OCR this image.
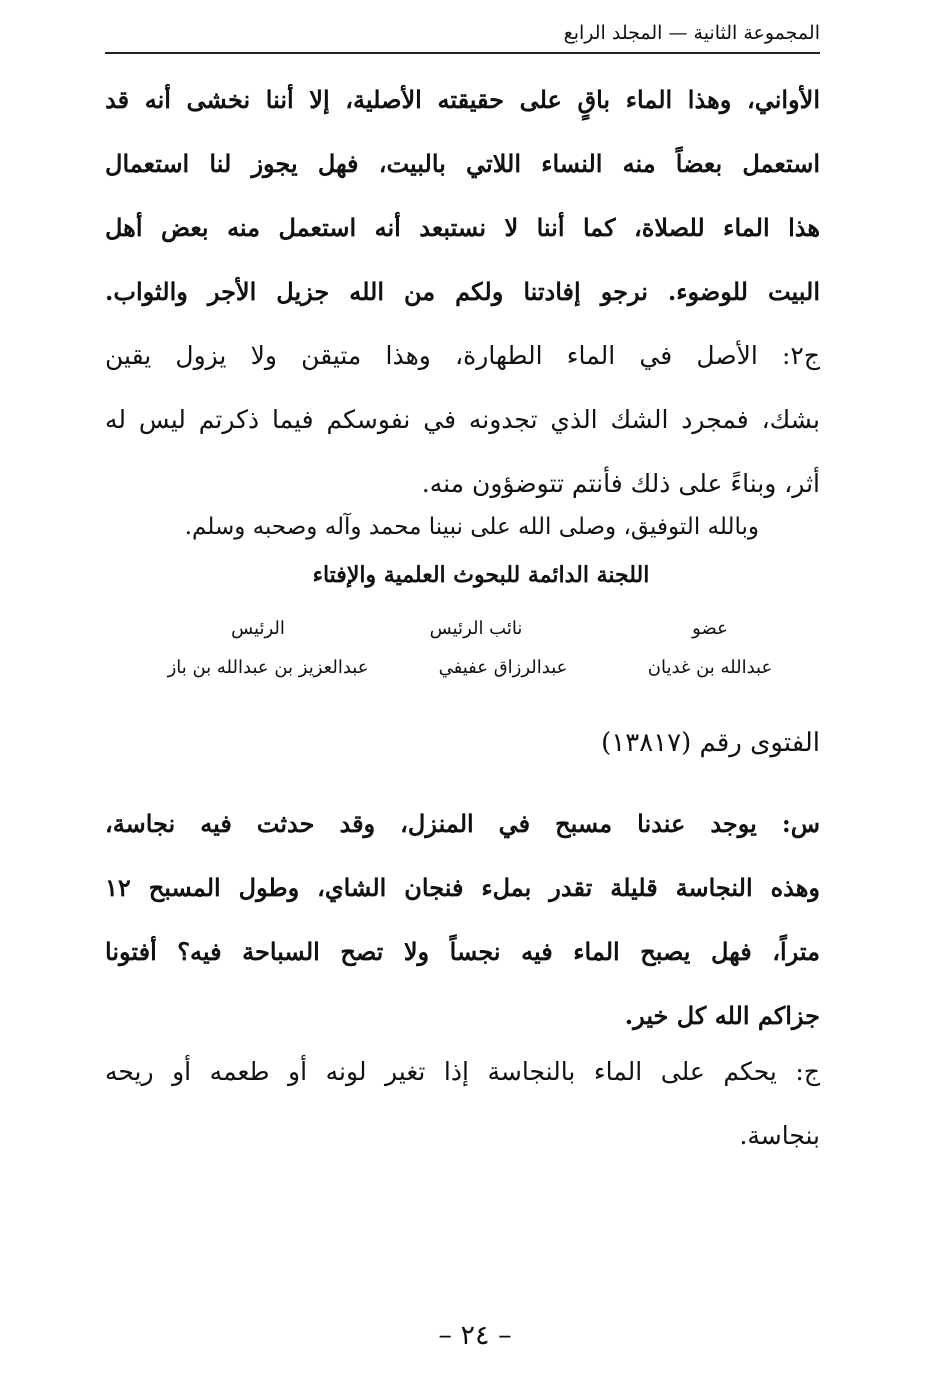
المجموعة الثانية — المجلد الرابع
الأواني، وهذا الماء باقٍ على حقيقته الأصلية، إلا أننا نخشى أنه قد
استعمل بعضاً منه النساء اللاتي بالبيت، فهل يجوز لنا استعمال
هذا الماء للصلاة، كما أننا لا نستبعد أنه استعمل منه بعض أهل
البيت للوضوء. نرجو إفادتنا ولكم من الله جزيل الأجر والثواب.
ج٢: الأصل في الماء الطهارة، وهذا متيقن ولا يزول يقين
بشك، فمجرد الشك الذي تجدونه في نفوسكم فيما ذكرتم ليس له
أثر، وبناءً على ذلك فأنتم تتوضؤون منه.
وبالله التوفيق، وصلى الله على نبينا محمد وآله وصحبه وسلم.
اللجنة الدائمة للبحوث العلمية والإفتاء
الرئيس	نائب الرئيس	عضو
عبدالعزيز بن عبدالله بن باز	عبدالرزاق عفيفي	عبدالله بن غديان
الفتوى رقم (١٣٨١٧)
س: يوجد عندنا مسبح في المنزل، وقد حدثت فيه نجاسة،
وهذه النجاسة قليلة تقدر بملء فنجان الشاي، وطول المسبح ١٢
متراً، فهل يصبح الماء فيه نجساً ولا تصح السباحة فيه؟ أفتونا
جزاكم الله كل خير.
ج: يحكم على الماء بالنجاسة إذا تغير لونه أو طعمه أو ريحه
بنجاسة.
– ٢٤ –
